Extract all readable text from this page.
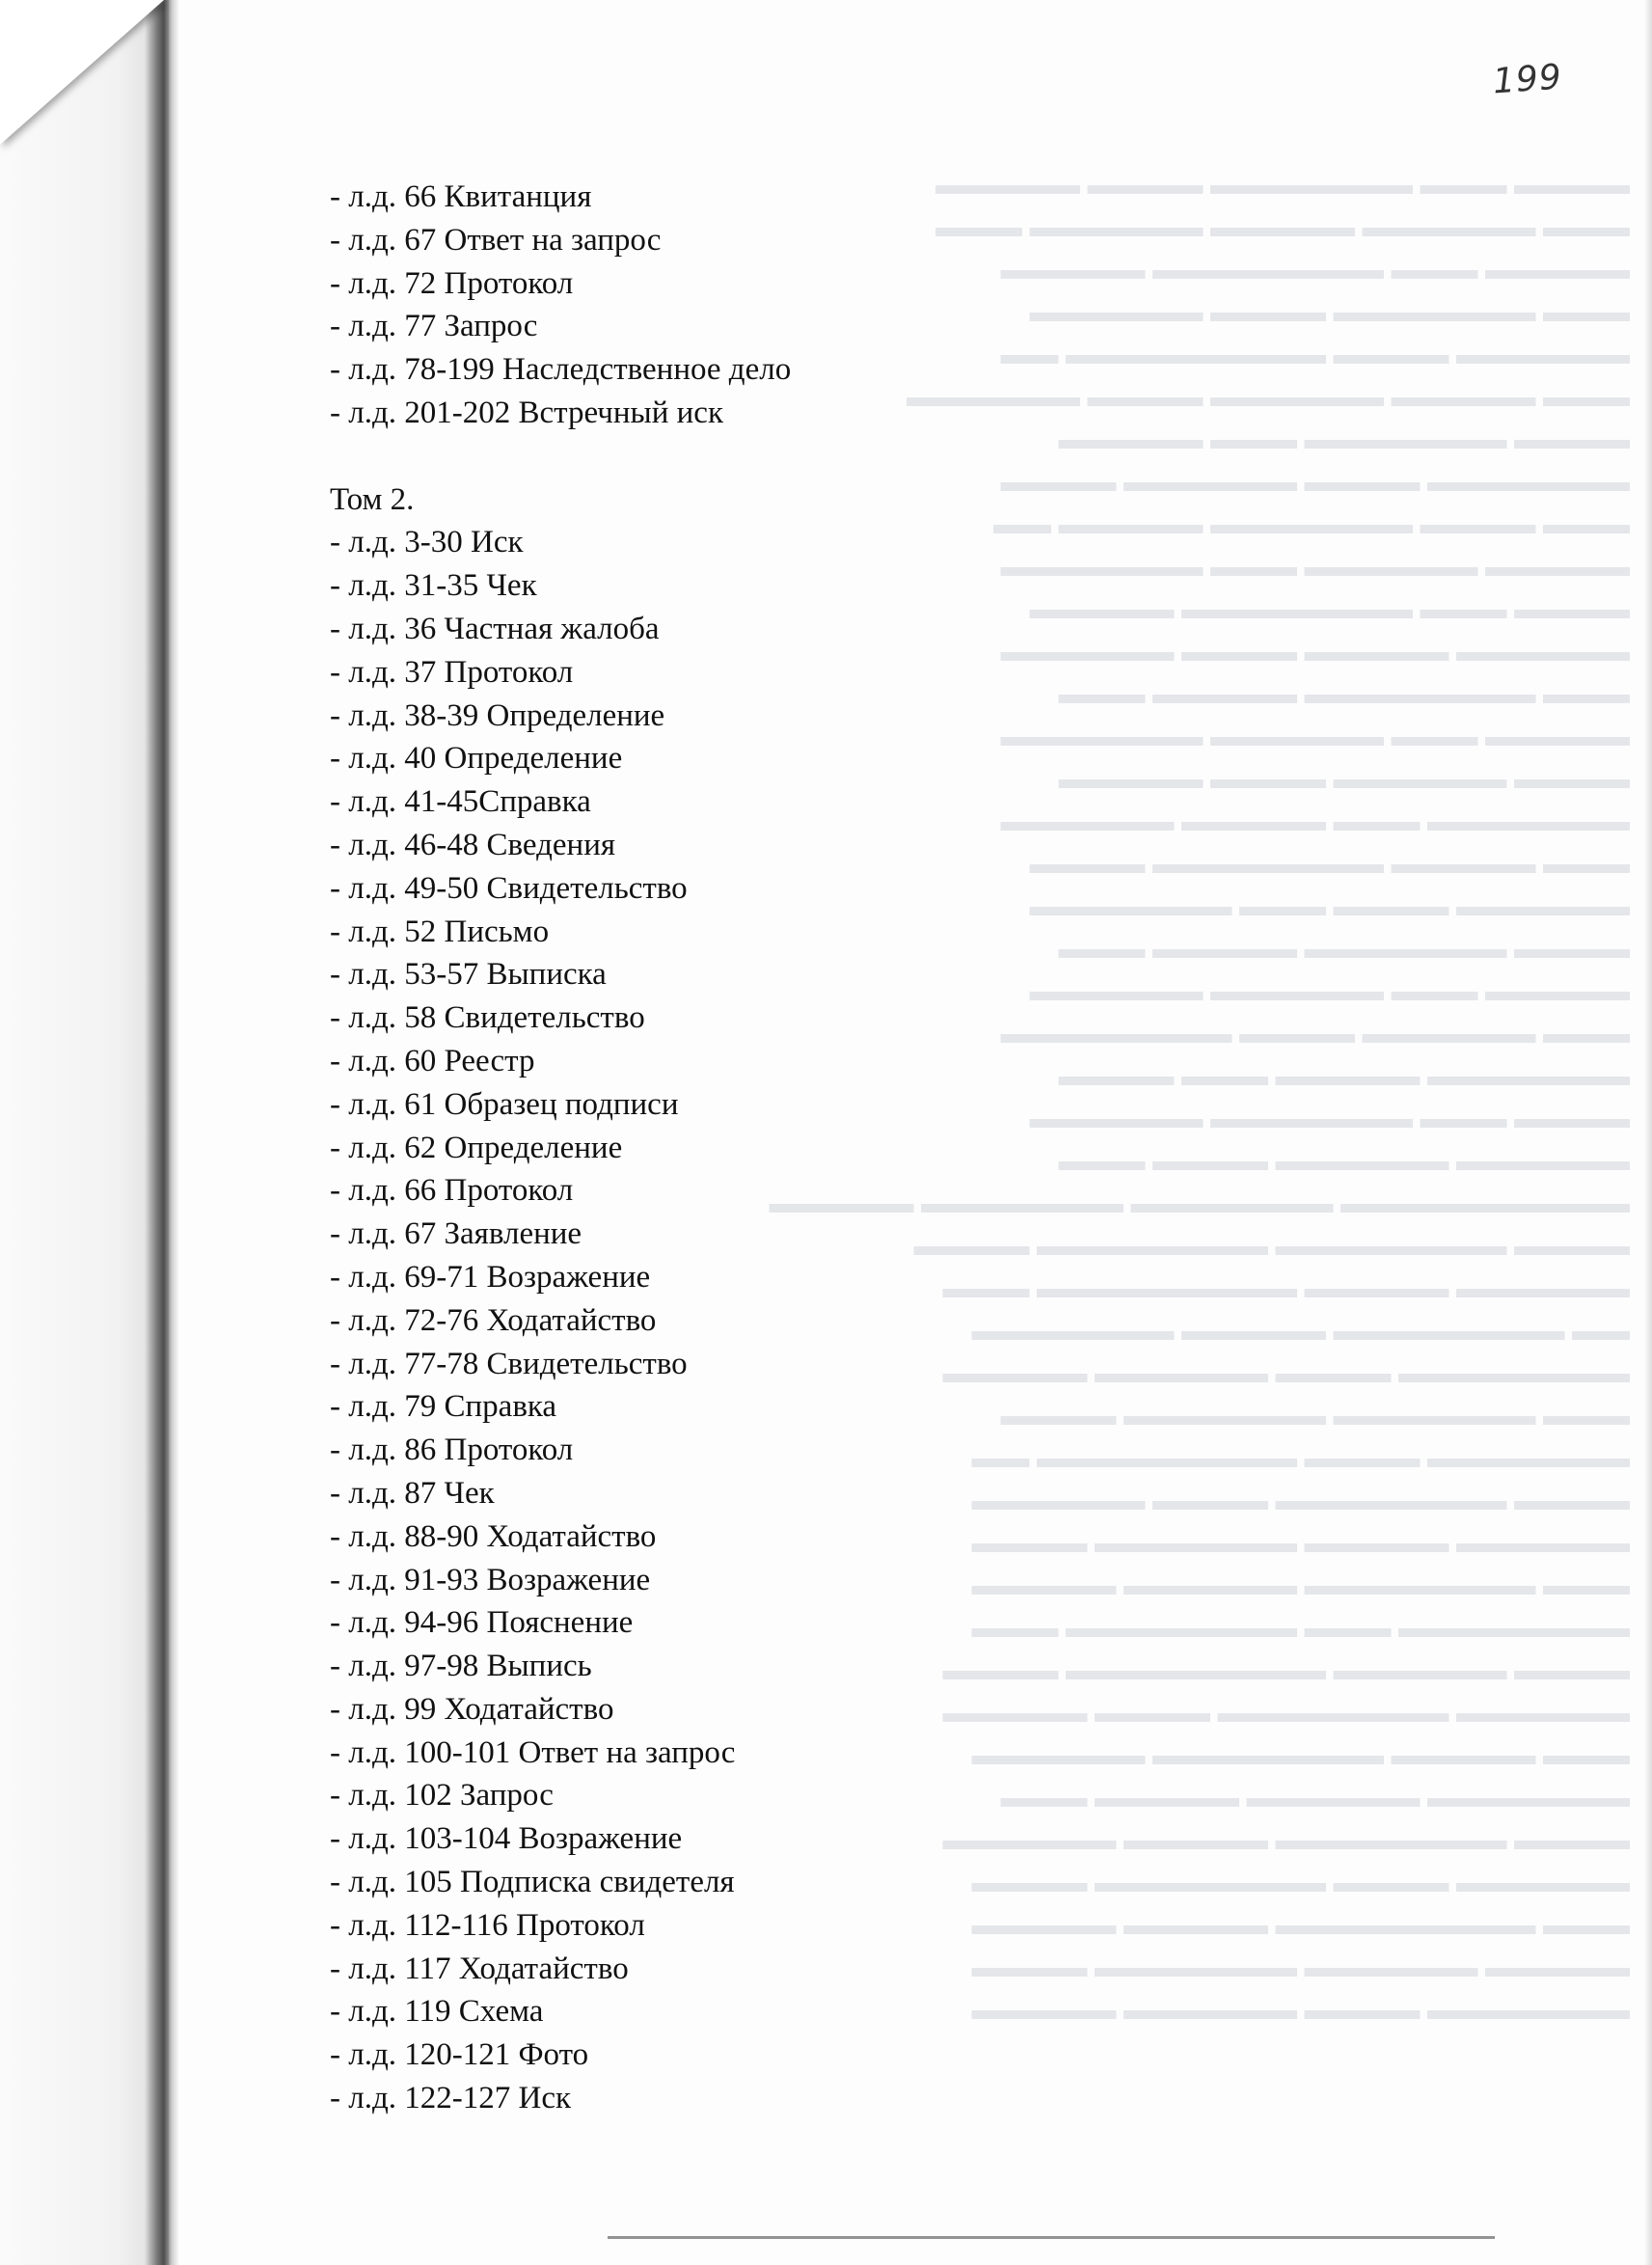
▬▬▬▬ ▬▬▬ ▬▬▬▬▬▬▬ ▬▬▬▬ ▬▬▬▬▬
▬▬▬ ▬▬▬▬▬▬ ▬▬▬▬▬ ▬▬▬▬▬▬ ▬▬▬
▬▬▬▬▬ ▬▬▬ ▬▬▬▬▬▬▬▬ ▬▬▬▬▬
▬▬▬ ▬▬▬▬▬▬▬ ▬▬▬▬ ▬▬▬▬▬▬
▬▬▬▬▬▬ ▬▬▬▬ ▬▬▬▬▬▬▬▬▬ ▬▬
▬▬▬ ▬▬▬▬▬ ▬▬▬▬▬▬ ▬▬▬▬ ▬▬▬▬▬▬
▬▬▬▬ ▬▬▬▬▬▬▬ ▬▬▬ ▬▬▬▬▬
▬▬▬▬▬▬▬ ▬▬▬▬ ▬▬▬▬▬▬ ▬▬▬▬
▬▬▬ ▬▬▬▬ ▬▬▬▬▬▬▬ ▬▬▬▬▬ ▬▬
▬▬▬▬▬ ▬▬▬▬▬▬ ▬▬▬ ▬▬▬▬▬▬▬
▬▬▬▬ ▬▬▬ ▬▬▬▬▬▬▬▬ ▬▬▬▬▬
▬▬▬▬▬▬ ▬▬▬▬▬ ▬▬▬▬ ▬▬▬▬▬▬
▬▬▬ ▬▬▬▬▬▬▬▬ ▬▬▬▬▬ ▬▬▬
▬▬▬▬▬ ▬▬▬ ▬▬▬▬▬▬ ▬▬▬▬▬▬▬
▬▬▬▬ ▬▬▬▬▬▬ ▬▬▬▬ ▬▬▬▬▬
▬▬▬▬▬▬▬ ▬▬▬ ▬▬▬▬▬ ▬▬▬▬▬▬
▬▬▬ ▬▬▬▬▬ ▬▬▬▬▬▬▬▬ ▬▬▬▬
▬▬▬▬▬▬ ▬▬▬▬ ▬▬▬ ▬▬▬▬▬▬▬
▬▬▬▬ ▬▬▬▬▬▬▬ ▬▬▬▬▬ ▬▬▬
▬▬▬▬▬ ▬▬▬ ▬▬▬▬▬▬ ▬▬▬▬▬▬
▬▬▬ ▬▬▬▬▬▬ ▬▬▬▬ ▬▬▬▬▬▬▬▬
▬▬▬▬▬▬▬ ▬▬▬▬▬ ▬▬▬ ▬▬▬▬
▬▬▬▬ ▬▬▬ ▬▬▬▬▬▬▬ ▬▬▬▬▬▬
▬▬▬▬▬▬ ▬▬▬▬▬▬ ▬▬▬▬ ▬▬▬
▬▬▬▬▬▬▬▬▬▬ ▬▬▬▬▬▬▬ ▬▬▬▬▬▬▬ ▬▬▬▬▬
▬▬▬▬ ▬▬▬▬▬▬▬▬ ▬▬▬▬▬▬▬▬ ▬▬▬▬
▬▬▬▬▬▬ ▬▬▬▬▬ ▬▬▬▬▬▬▬▬▬ ▬▬▬
▬▬ ▬▬▬▬▬▬▬▬ ▬▬▬▬▬ ▬▬▬▬▬▬▬
▬▬▬▬▬▬▬▬ ▬▬▬▬ ▬▬▬▬▬▬ ▬▬▬▬▬
▬▬▬ ▬▬▬▬▬▬▬ ▬▬▬▬▬▬▬ ▬▬▬▬
▬▬▬▬▬▬▬ ▬▬▬▬ ▬▬▬▬▬▬▬▬▬ ▬▬
▬▬▬▬ ▬▬▬▬▬▬▬▬ ▬▬▬▬ ▬▬▬▬▬▬
▬▬▬▬▬▬ ▬▬▬▬▬ ▬▬▬▬▬▬▬ ▬▬▬▬
▬▬▬ ▬▬▬▬▬▬▬▬ ▬▬▬▬▬▬ ▬▬▬▬▬
▬▬▬▬▬▬▬▬ ▬▬▬ ▬▬▬▬▬▬▬▬ ▬▬▬
▬▬▬▬ ▬▬▬▬▬▬ ▬▬▬▬▬▬▬▬▬ ▬▬▬▬
▬▬▬▬▬▬ ▬▬▬▬▬▬▬▬ ▬▬▬▬ ▬▬▬▬▬
▬▬▬ ▬▬▬▬▬ ▬▬▬▬▬▬▬▬ ▬▬▬▬▬▬
▬▬▬▬▬▬▬ ▬▬▬▬▬▬ ▬▬▬▬▬ ▬▬▬
▬▬▬▬ ▬▬▬▬▬▬▬▬ ▬▬▬▬▬ ▬▬▬▬▬▬
▬▬▬▬▬▬ ▬▬▬▬ ▬▬▬▬▬▬▬▬ ▬▬▬▬
▬▬▬ ▬▬▬▬▬▬▬▬▬ ▬▬▬▬▬ ▬▬▬▬▬
▬▬▬▬▬ ▬▬▬▬▬▬ ▬▬▬▬▬▬▬ ▬▬▬▬
▬▬▬▬▬▬▬ ▬▬▬▬ ▬▬▬▬▬▬ ▬▬▬▬▬
199
- л.д. 66 Квитанция
- л.д. 67 Ответ на запрос
- л.д. 72 Протокол
- л.д. 77 Запрос
- л.д. 78-199 Наследственное дело
- л.д. 201-202 Встречный иск
Том 2.
- л.д. 3-30 Иск
- л.д. 31-35 Чек
- л.д. 36 Частная жалоба
- л.д. 37 Протокол
- л.д. 38-39 Определение
- л.д. 40 Определение
- л.д. 41-45Справка
- л.д. 46-48 Сведения
- л.д. 49-50 Свидетельство
- л.д. 52 Письмо
- л.д. 53-57 Выписка
- л.д. 58 Свидетельство
- л.д. 60 Реестр
- л.д. 61 Образец подписи
- л.д. 62 Определение
- л.д. 66 Протокол
- л.д. 67 Заявление
- л.д. 69-71 Возражение
- л.д. 72-76 Ходатайство
- л.д. 77-78 Свидетельство
- л.д. 79 Справка
- л.д. 86 Протокол
- л.д. 87 Чек
- л.д. 88-90 Ходатайство
- л.д. 91-93 Возражение
- л.д. 94-96 Пояснение
- л.д. 97-98 Выпись
- л.д. 99 Ходатайство
- л.д. 100-101 Ответ на запрос
- л.д. 102 Запрос
- л.д. 103-104 Возражение
- л.д. 105 Подписка свидетеля
- л.д. 112-116 Протокол
- л.д. 117 Ходатайство
- л.д. 119 Схема
- л.д. 120-121 Фото
- л.д. 122-127 Иск
